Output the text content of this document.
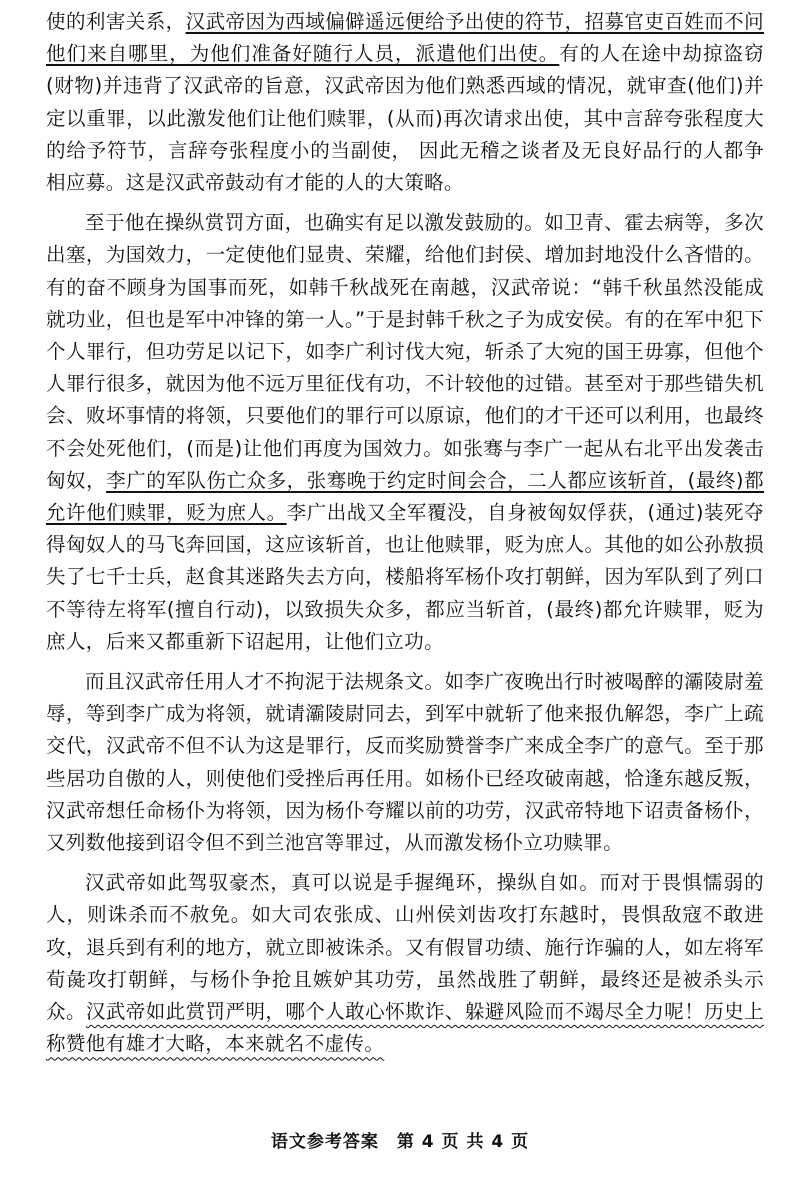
使的利害关系，汉武帝因为西域偏僻遥远便给予出使的符节，招募官吏百姓而不问他们来自哪里，为他们准备好随行人员，派遣他们出使。有的人在途中劫掠盗窃(财物)并违背了汉武帝的旨意，汉武帝因为他们熟悉西域的情况，就审查(他们)并定以重罪，以此激发他们让他们赎罪，(从而)再次请求出使，其中言辞夸张程度大的给予符节，言辞夸张程度小的当副使， 因此无稽之谈者及无良好品行的人都争相应募。这是汉武帝鼓动有才能的人的大策略。

至于他在操纵赏罚方面，也确实有足以激发鼓励的。如卫青、霍去病等，多次出塞，为国效力，一定使他们显贵、荣耀，给他们封侯、增加封地没什么吝惜的。有的奋不顾身为国事而死，如韩千秋战死在南越，汉武帝说：“韩千秋虽然没能成就功业，但也是军中冲锋的第一人。”于是封韩千秋之子为成安侯。有的在军中犯下个人罪行，但功劳足以记下，如李广利讨伐大宛，斩杀了大宛的国王毋寡，但他个人罪行很多，就因为他不远万里征伐有功，不计较他的过错。甚至对于那些错失机会、败坏事情的将领，只要他们的罪行可以原谅，他们的才干还可以利用，也最终不会处死他们，(而是)让他们再度为国效力。如张骞与李广一起从右北平出发袭击匈奴，李广的军队伤亡众多，张骞晚于约定时间会合，二人都应该斩首，(最终)都允许他们赎罪，贬为庶人。李广出战又全军覆没，自身被匈奴俘获，(通过)装死夺得匈奴人的马飞奔回国，这应该斩首，也让他赎罪，贬为庶人。其他的如公孙敖损失了七千士兵，赵食其迷路失去方向，楼船将军杨仆攻打朝鲜，因为军队到了列口不等待左将军(擅自行动)，以致损失众多，都应当斩首，(最终)都允许赎罪，贬为庶人，后来又都重新下诏起用，让他们立功。

而且汉武帝任用人才不拘泥于法规条文。如李广夜晚出行时被喝醉的灞陵尉羞辱，等到李广成为将领，就请灞陵尉同去，到军中就斩了他来报仇解怨，李广上疏交代，汉武帝不但不认为这是罪行，反而奖励赞誉李广来成全李广的意气。至于那些居功自傲的人，则使他们受挫后再任用。如杨仆已经攻破南越，恰逢东越反叛，汉武帝想任命杨仆为将领，因为杨仆夸耀以前的功劳，汉武帝特地下诏责备杨仆，又列数他接到诏令但不到兰池宫等罪过，从而激发杨仆立功赎罪。

汉武帝如此驾驭豪杰，真可以说是手握绳环，操纵自如。而对于畏惧懦弱的人，则诛杀而不赦免。如大司农张成、山州侯刘齿攻打东越时，畏惧敌寇不敢进攻，退兵到有利的地方，就立即被诛杀。又有假冒功绩、施行诈骗的人，如左将军荀彘攻打朝鲜，与杨仆争抢且嫉妒其功劳，虽然战胜了朝鲜，最终还是被杀头示众。汉武帝如此赏罚严明，哪个人敢心怀欺诈、躲避风险而不竭尽全力呢！历史上称赞他有雄才大略，本来就名不虚传。

语文参考答案　第 4 页 共 4 页
